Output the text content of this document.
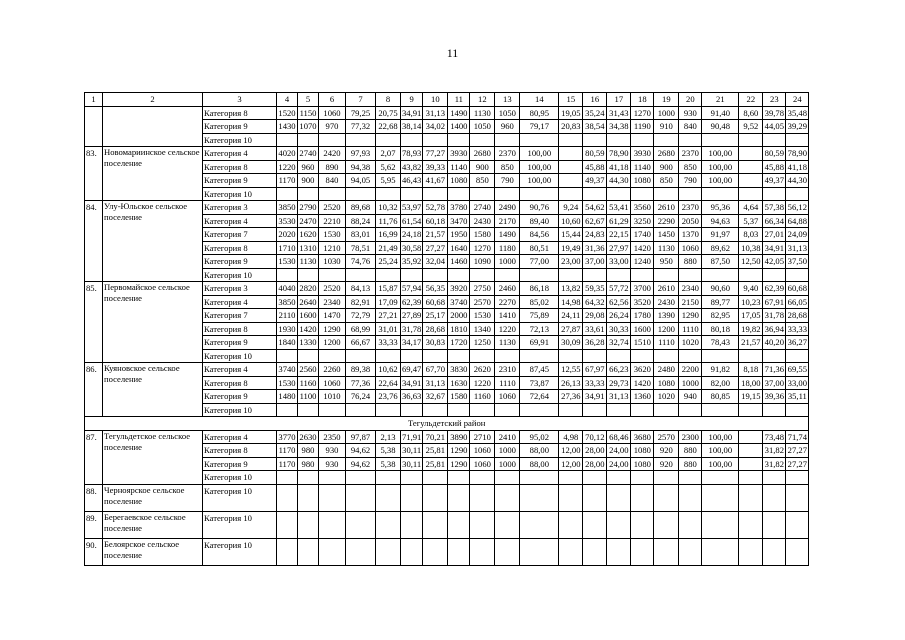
11
1	2	3	4	5	6	7	8	9	10	11	12	13	14	15	16	17	18	19	20	21	22	23	24
		Категория 8	1520	1150	1060	79,25	20,75	34,91	31,13	1490	1130	1050	80,95	19,05	35,24	31,43	1270	1000	930	91,40	8,60	39,78	35,48
		Категория 9	1430	1070	970	77,32	22,68	38,14	34,02	1400	1050	960	79,17	20,83	38,54	34,38	1190	910	840	90,48	9,52	44,05	39,29
		Категория 10																					
83.	Новомариинское сельское поселение	Категория 4	4020	2740	2420	97,93	2,07	78,93	77,27	3930	2680	2370	100,00		80,59	78,90	3930	2680	2370	100,00		80,59	78,90
		Категория 8	1220	960	890	94,38	5,62	43,82	39,33	1140	900	850	100,00		45,88	41,18	1140	900	850	100,00		45,88	41,18
		Категория 9	1170	900	840	94,05	5,95	46,43	41,67	1080	850	790	100,00		49,37	44,30	1080	850	790	100,00		49,37	44,30
		Категория 10																					
84.	Улу-Юльское сельское поселение	Категория 3	3850	2790	2520	89,68	10,32	53,97	52,78	3780	2740	2490	90,76	9,24	54,62	53,41	3560	2610	2370	95,36	4,64	57,38	56,12
		Категория 4	3530	2470	2210	88,24	11,76	61,54	60,18	3470	2430	2170	89,40	10,60	62,67	61,29	3250	2290	2050	94,63	5,37	66,34	64,88
		Категория 7	2020	1620	1530	83,01	16,99	24,18	21,57	1950	1580	1490	84,56	15,44	24,83	22,15	1740	1450	1370	91,97	8,03	27,01	24,09
		Категория 8	1710	1310	1210	78,51	21,49	30,58	27,27	1640	1270	1180	80,51	19,49	31,36	27,97	1420	1130	1060	89,62	10,38	34,91	31,13
		Категория 9	1530	1130	1030	74,76	25,24	35,92	32,04	1460	1090	1000	77,00	23,00	37,00	33,00	1240	950	880	87,50	12,50	42,05	37,50
		Категория 10																					
85.	Первомайское сельское поселение	Категория 3	4040	2820	2520	84,13	15,87	57,94	56,35	3920	2750	2460	86,18	13,82	59,35	57,72	3700	2610	2340	90,60	9,40	62,39	60,68
		Категория 4	3850	2640	2340	82,91	17,09	62,39	60,68	3740	2570	2270	85,02	14,98	64,32	62,56	3520	2430	2150	89,77	10,23	67,91	66,05
		Категория 7	2110	1600	1470	72,79	27,21	27,89	25,17	2000	1530	1410	75,89	24,11	29,08	26,24	1780	1390	1290	82,95	17,05	31,78	28,68
		Категория 8	1930	1420	1290	68,99	31,01	31,78	28,68	1810	1340	1220	72,13	27,87	33,61	30,33	1600	1200	1110	80,18	19,82	36,94	33,33
		Категория 9	1840	1330	1200	66,67	33,33	34,17	30,83	1720	1250	1130	69,91	30,09	36,28	32,74	1510	1110	1020	78,43	21,57	40,20	36,27
		Категория 10																					
86.	Куяновское сельское поселение	Категория 4	3740	2560	2260	89,38	10,62	69,47	67,70	3830	2620	2310	87,45	12,55	67,97	66,23	3620	2480	2200	91,82	8,18	71,36	69,55
		Категория 8	1530	1160	1060	77,36	22,64	34,91	31,13	1630	1220	1110	73,87	26,13	33,33	29,73	1420	1080	1000	82,00	18,00	37,00	33,00
		Категория 9	1480	1100	1010	76,24	23,76	36,63	32,67	1580	1160	1060	72,64	27,36	34,91	31,13	1360	1020	940	80,85	19,15	39,36	35,11
		Категория 10																					
Тегульдетский район																							
87.	Тегульдетское сельское поселение	Категория 4	3770	2630	2350	97,87	2,13	71,91	70,21	3890	2710	2410	95,02	4,98	70,12	68,46	3680	2570	2300	100,00		73,48	71,74
		Категория 8	1170	980	930	94,62	5,38	30,11	25,81	1290	1060	1000	88,00	12,00	28,00	24,00	1080	920	880	100,00		31,82	27,27
		Категория 9	1170	980	930	94,62	5,38	30,11	25,81	1290	1060	1000	88,00	12,00	28,00	24,00	1080	920	880	100,00		31,82	27,27
		Категория 10																					
88.	Чернoярское сельское поселение	Категория 10																					
89.	Берегаевское сельское поселение	Категория 10																					
90.	Белоярское сельское поселение	Категория 10																					
